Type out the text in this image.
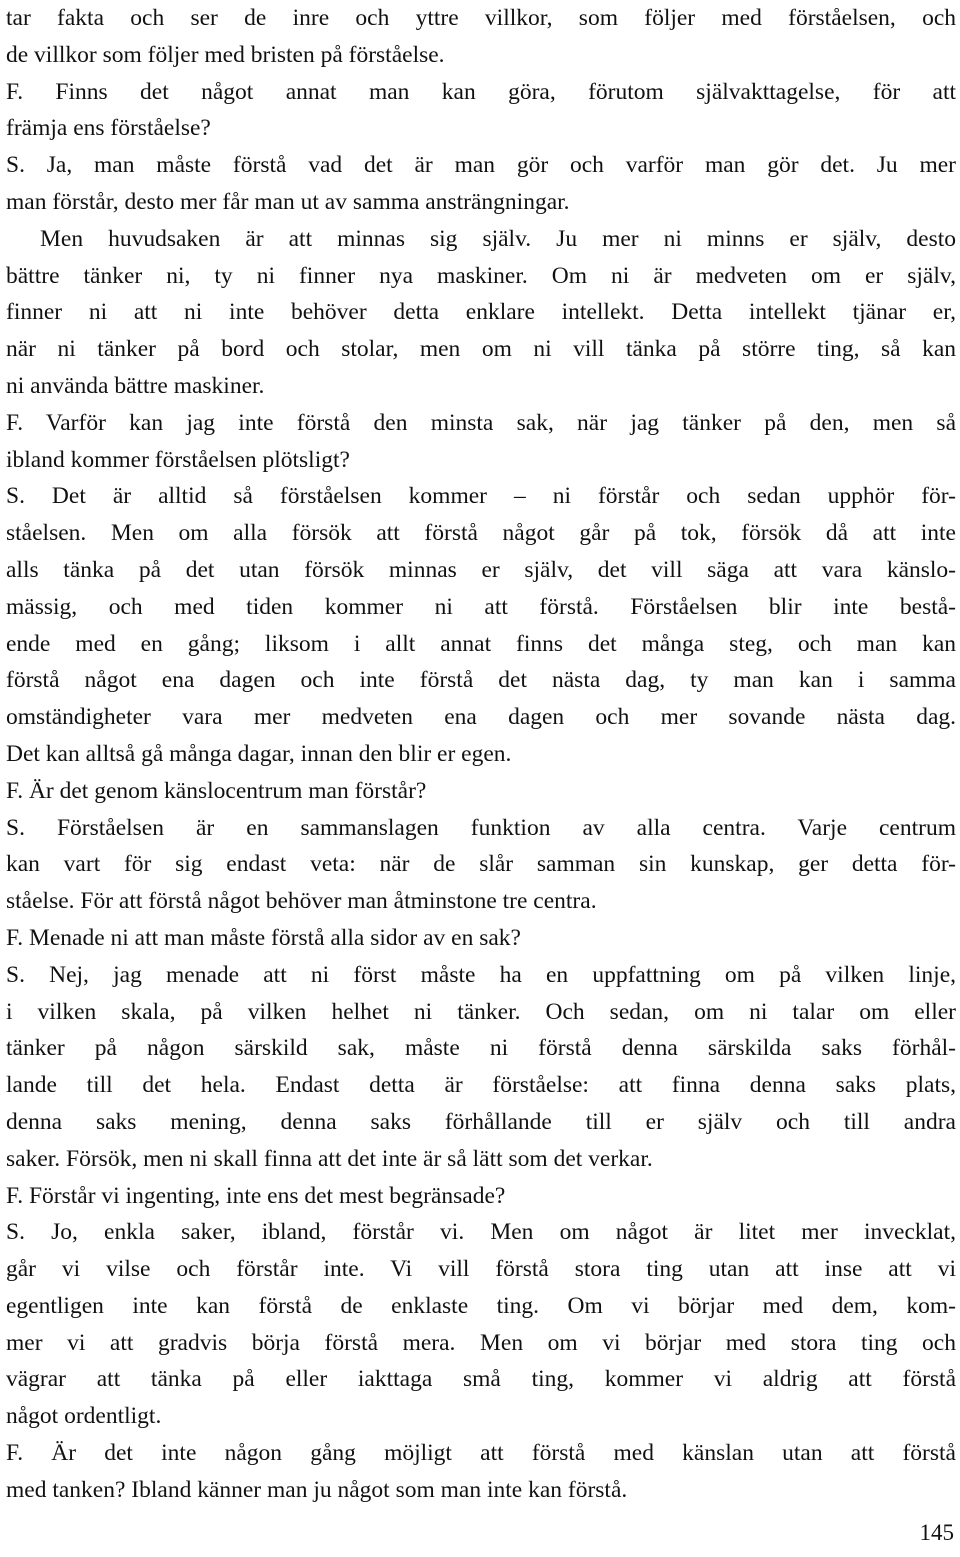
tar fakta och ser de inre och yttre villkor, som följer med förståelsen, och
de villkor som följer med bristen på förståelse.
F. Finns det något annat man kan göra, förutom självakttagelse, för att
främja ens förståelse?
S. Ja, man måste förstå vad det är man gör och varför man gör det. Ju mer
man förstår, desto mer får man ut av samma ansträngningar.
Men huvudsaken är att minnas sig själv. Ju mer ni minns er själv, desto
bättre tänker ni, ty ni finner nya maskiner. Om ni är medveten om er själv,
finner ni att ni inte behöver detta enklare intellekt. Detta intellekt tjänar er,
när ni tänker på bord och stolar, men om ni vill tänka på större ting, så kan
ni använda bättre maskiner.
F. Varför kan jag inte förstå den minsta sak, när jag tänker på den, men så
ibland kommer förståelsen plötsligt?
S. Det är alltid så förståelsen kommer – ni förstår och sedan upphör för-
ståelsen. Men om alla försök att förstå något går på tok, försök då att inte
alls tänka på det utan försök minnas er själv, det vill säga att vara känslo-
mässig, och med tiden kommer ni att förstå. Förståelsen blir inte bestå-
ende med en gång; liksom i allt annat finns det många steg, och man kan
förstå något ena dagen och inte förstå det nästa dag, ty man kan i samma
omständigheter vara mer medveten ena dagen och mer sovande nästa dag.
Det kan alltså gå många dagar, innan den blir er egen.
F. Är det genom känslocentrum man förstår?
S. Förståelsen är en sammanslagen funktion av alla centra. Varje centrum
kan vart för sig endast veta: när de slår samman sin kunskap, ger detta för-
ståelse. För att förstå något behöver man åtminstone tre centra.
F. Menade ni att man måste förstå alla sidor av en sak?
S. Nej, jag menade att ni först måste ha en uppfattning om på vilken linje,
i vilken skala, på vilken helhet ni tänker. Och sedan, om ni talar om eller
tänker på någon särskild sak, måste ni förstå denna särskilda saks förhål-
lande till det hela. Endast detta är förståelse: att finna denna saks plats,
denna saks mening, denna saks förhållande till er själv och till andra
saker. Försök, men ni skall finna att det inte är så lätt som det verkar.
F. Förstår vi ingenting, inte ens det mest begränsade?
S. Jo, enkla saker, ibland, förstår vi. Men om något är litet mer invecklat,
går vi vilse och förstår inte. Vi vill förstå stora ting utan att inse att vi
egentligen inte kan förstå de enklaste ting. Om vi börjar med dem, kom-
mer vi att gradvis börja förstå mera. Men om vi börjar med stora ting och
vägrar att tänka på eller iakttaga små ting, kommer vi aldrig att förstå
något ordentligt.
F. Är det inte någon gång möjligt att förstå med känslan utan att förstå
med tanken? Ibland känner man ju något som man inte kan förstå.
145
